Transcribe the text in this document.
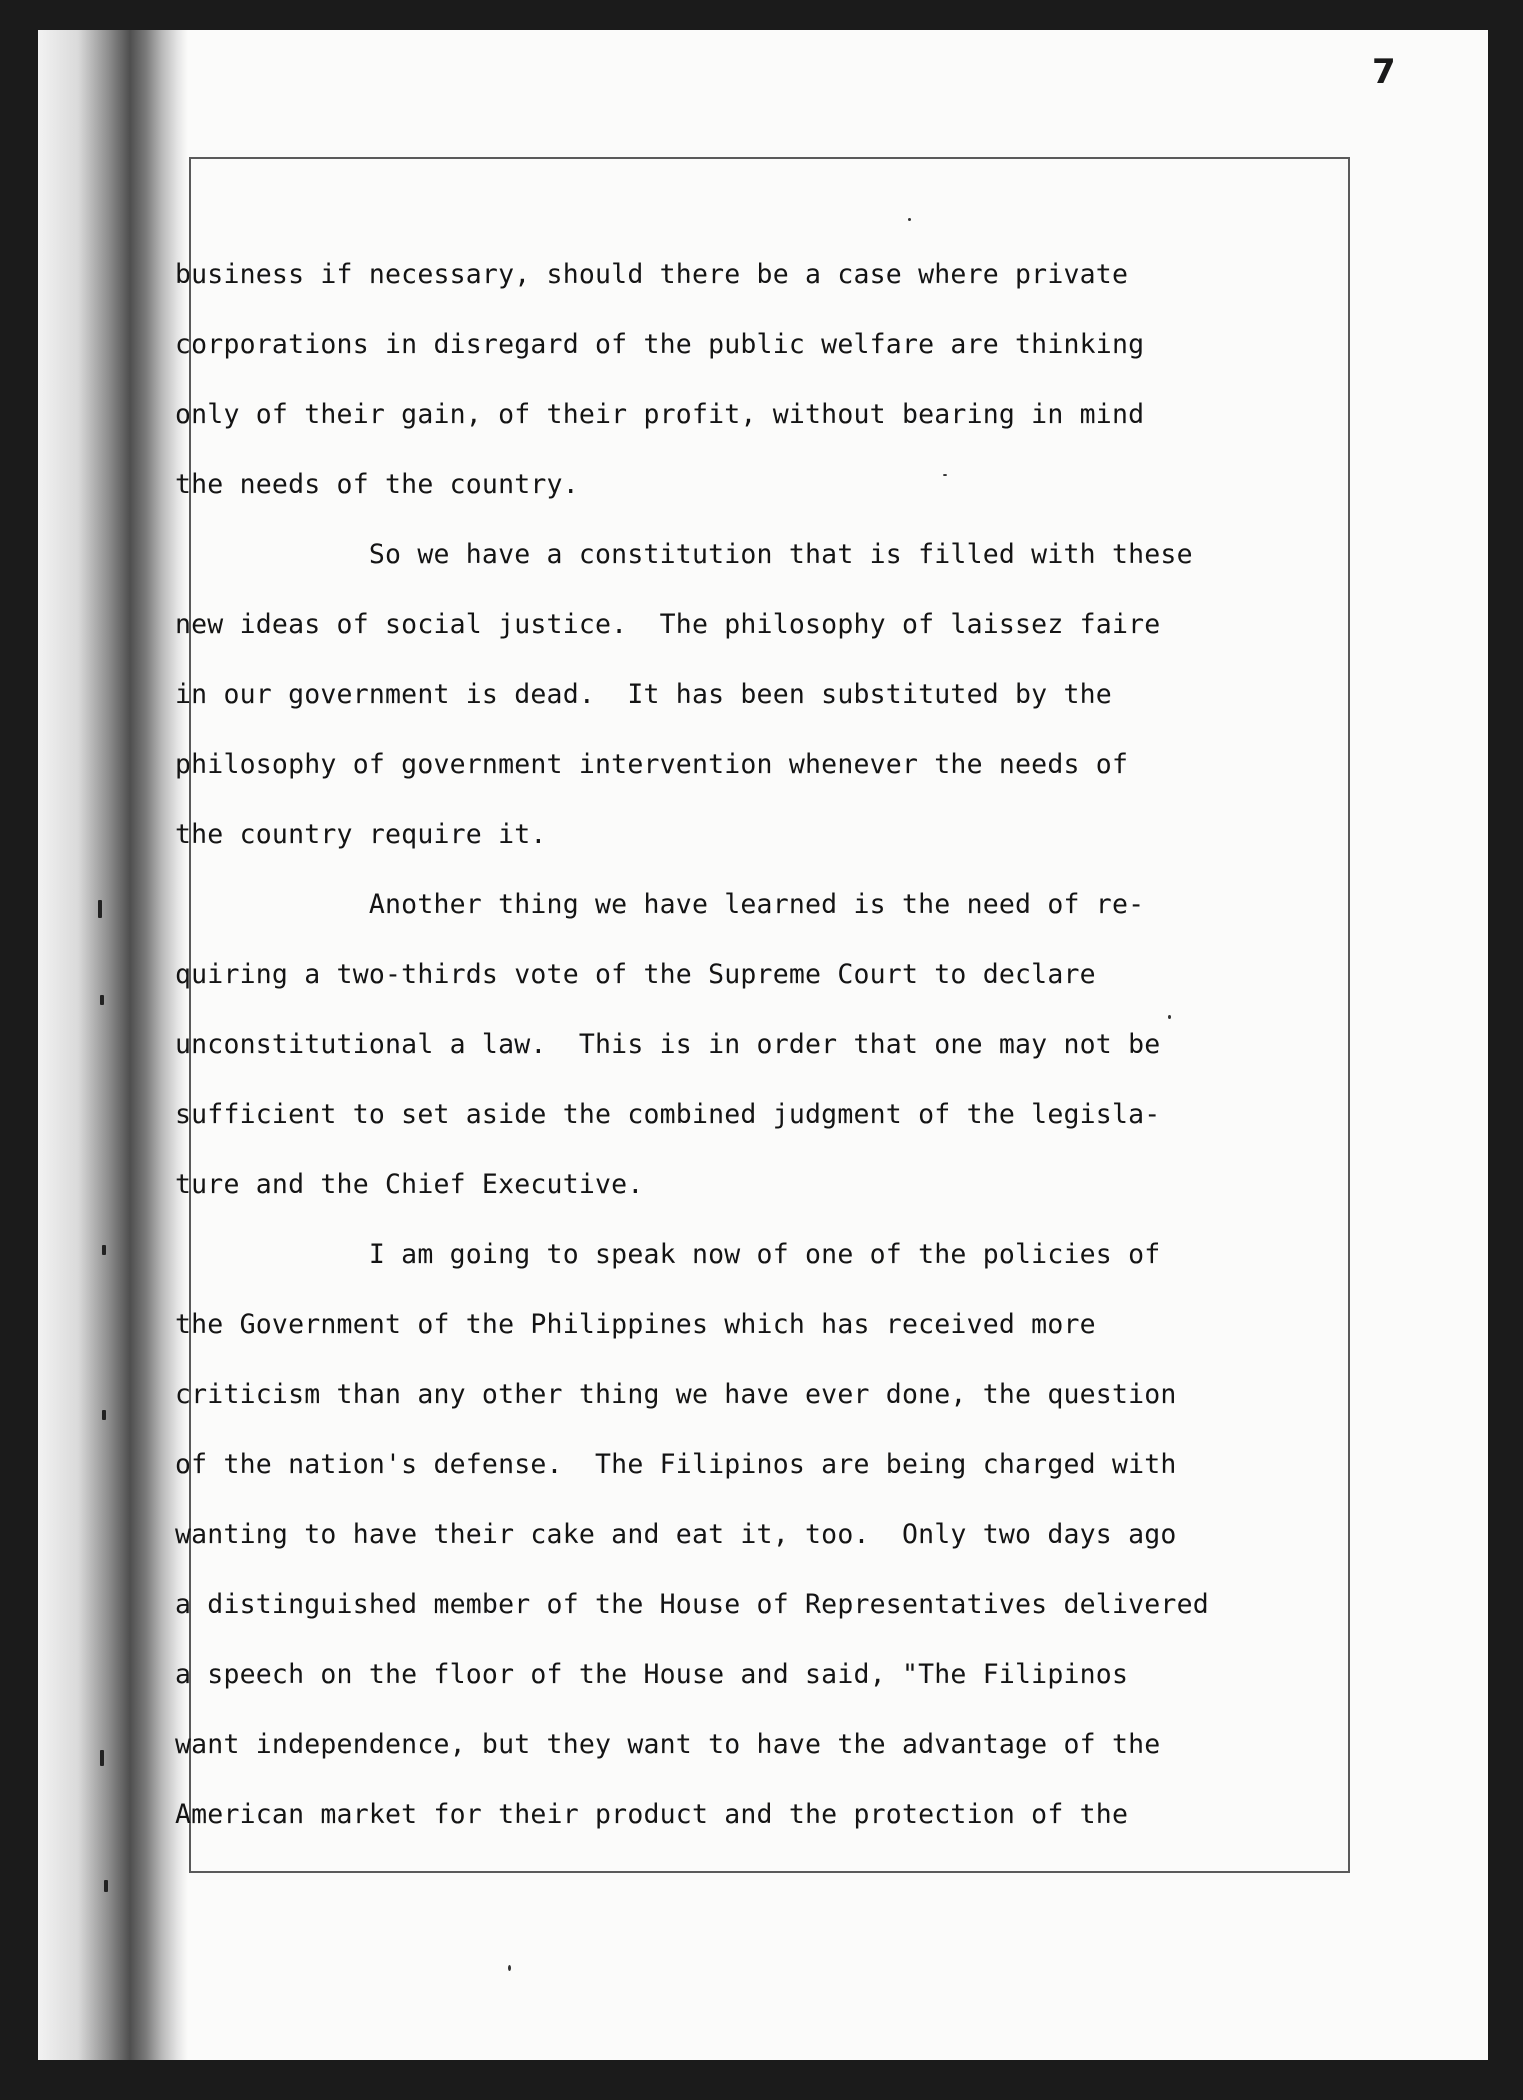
7
business if necessary, should there be a case where private
corporations in disregard of the public welfare are thinking
only of their gain, of their profit, without bearing in mind
the needs of the country.
So we have a constitution that is filled with these
new ideas of social justice.  The philosophy of laissez faire
in our government is dead.  It has been substituted by the
philosophy of government intervention whenever the needs of
the country require it.
Another thing we have learned is the need of re-
quiring a two-thirds vote of the Supreme Court to declare
unconstitutional a law.  This is in order that one may not be
sufficient to set aside the combined judgment of the legisla-
ture and the Chief Executive.
I am going to speak now of one of the policies of
the Government of the Philippines which has received more
criticism than any other thing we have ever done, the question
of the nation's defense.  The Filipinos are being charged with
wanting to have their cake and eat it, too.  Only two days ago
a distinguished member of the House of Representatives delivered
a speech on the floor of the House and said, "The Filipinos
want independence, but they want to have the advantage of the
American market for their product and the protection of the
